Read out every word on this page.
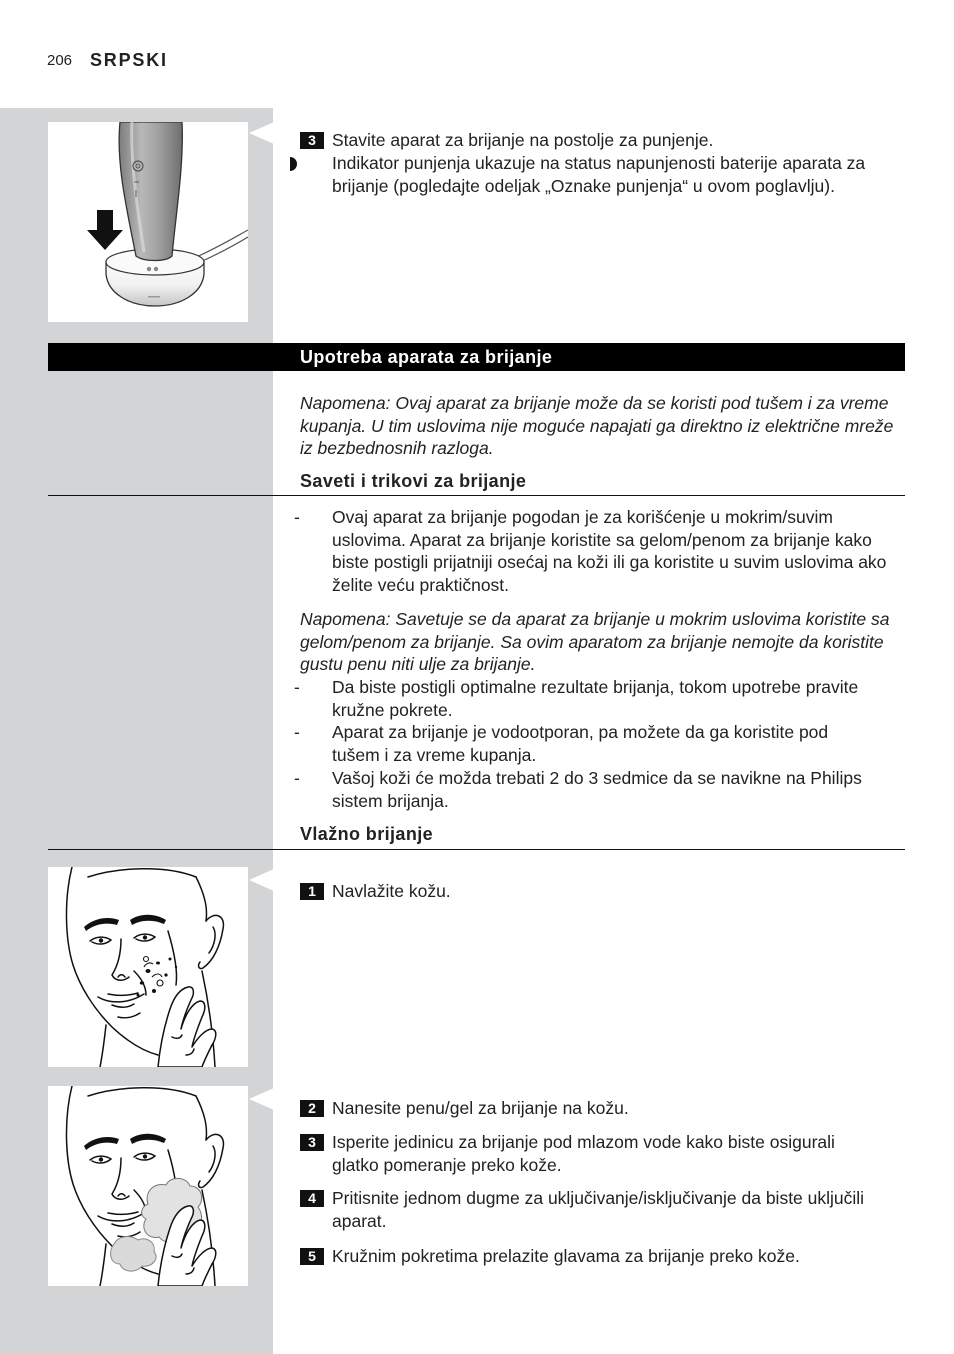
206 SRPSKI
3 Stavite aparat za brijanje na postolje za punjenje.
Indikator punjenja ukazuje na status napunjenosti baterije aparata za
brijanje (pogledajte odeljak „Oznake punjenja“ u ovom poglavlju).
Upotreba aparata za brijanje
Napomena: Ovaj aparat za brijanje može da se koristi pod tušem i za vreme
kupanja. U tim uslovima nije moguće napajati ga direktno iz električne mreže
iz bezbednosnih razloga.
Saveti i trikovi za brijanje
- Ovaj aparat za brijanje pogodan je za korišćenje u mokrim/suvim
uslovima. Aparat za brijanje koristite sa gelom/penom za brijanje kako
biste postigli prijatniji osećaj na koži ili ga koristite u suvim uslovima ako
želite veću praktičnost.
Napomena: Savetuje se da aparat za brijanje u mokrim uslovima koristite sa
gelom/penom za brijanje. Sa ovim aparatom za brijanje nemojte da koristite
gustu penu niti ulje za brijanje.
- Da biste postigli optimalne rezultate brijanja, tokom upotrebe pravite
kružne pokrete.
- Aparat za brijanje je vodootporan, pa možete da ga koristite pod
tušem i za vreme kupanja.
- Vašoj koži će možda trebati 2 do 3 sedmice da se navikne na Philips
sistem brijanja.
Vlažno brijanje
1 Navlažite kožu.
2 Nanesite penu/gel za brijanje na kožu.
3 Isperite jedinicu za brijanje pod mlazom vode kako biste osigurali
glatko pomeranje preko kože.
4 Pritisnite jednom dugme za uključivanje/isključivanje da biste uključili
aparat.
5 Kružnim pokretima prelazite glavama za brijanje preko kože.
